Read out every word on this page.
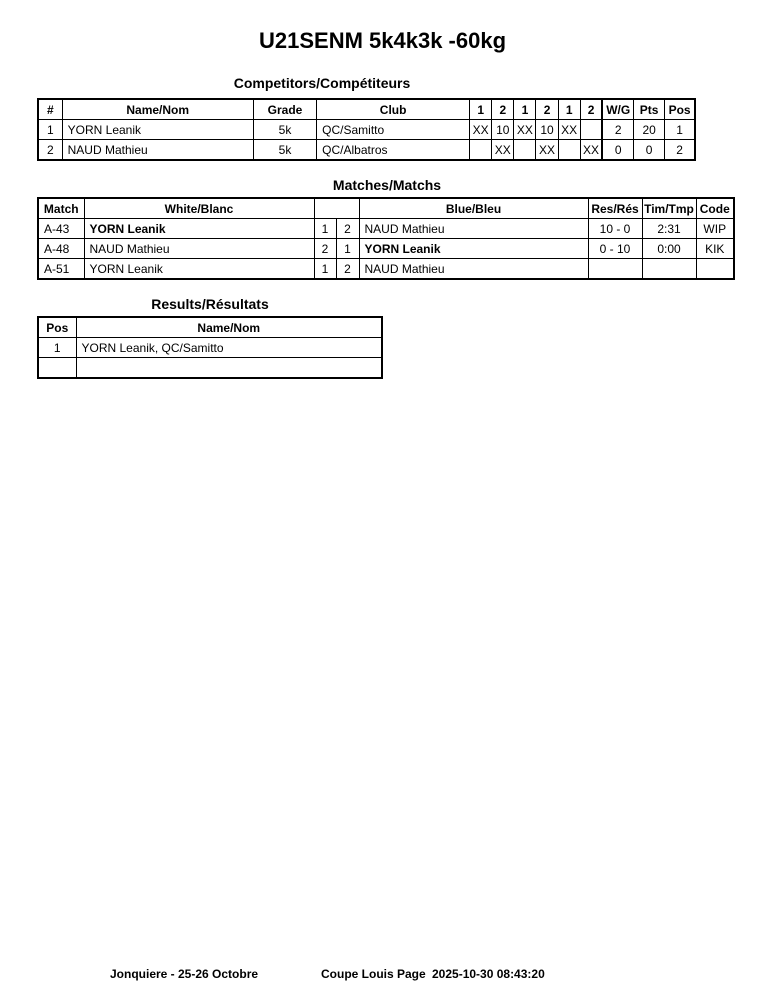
U21SENM 5k4k3k -60kg
Competitors/Compétiteurs
#	Name/Nom	Grade	Club	1	2	1	2	1	2	W/G	Pts	Pos
1	YORN Leanik	5k	QC/Samitto	XX	10	XX	10	XX		2	20	1
2	NAUD Mathieu	5k	QC/Albatros		XX		XX		XX	0	0	2
Matches/Matchs
Match	White/Blanc			Blue/Bleu	Res/Rés	Tim/Tmp	Code
A-43	YORN Leanik	1	2	NAUD Mathieu	10 - 0	2:31	WIP
A-48	NAUD Mathieu	2	1	YORN Leanik	0 - 10	0:00	KIK
A-51	YORN Leanik	1	2	NAUD Mathieu			
Results/Résultats
Pos	Name/Nom
1	YORN Leanik, QC/Samitto

Jonquiere - 25-26 Octobre	Coupe Louis Page 2025-10-30 08:43:20
